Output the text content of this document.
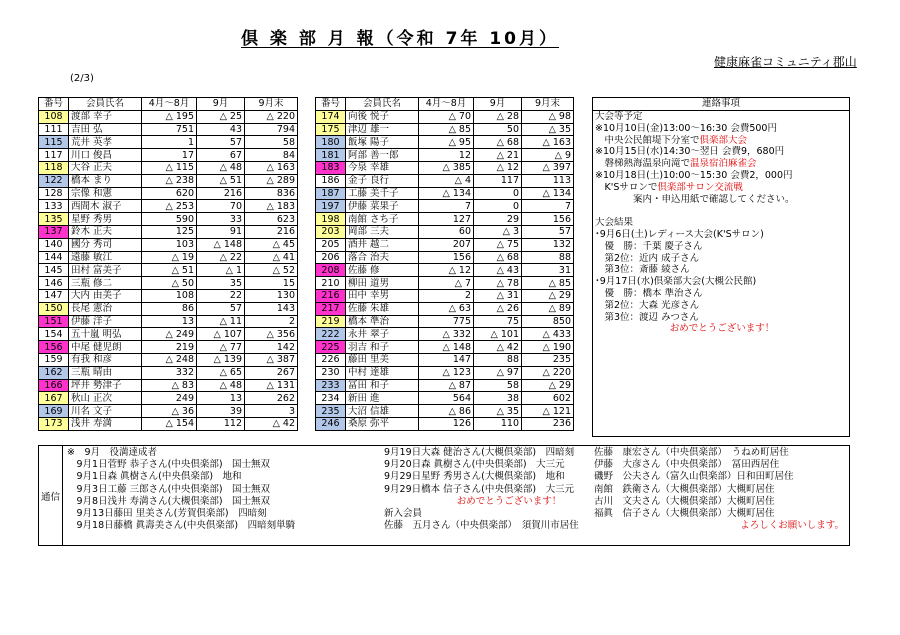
倶 楽 部 月 報（令和 7年 10月）
健康麻雀コミュニティ郡山
(2/3)
番号	会員氏名	4月～8月	9月	9月末
108	渡部 幸子	△ 195	△ 25	△ 220
111	吉田 弘	751	43	794
115	荒井 英孝	1	57	58
117	川口 俊昌	17	67	84
118	大谷 正夫	△ 115	△ 48	△ 163
122	橋本 まり	△ 238	△ 51	△ 289
128	宗像 和憲	620	216	836
133	西間木 淑子	△ 253	70	△ 183
135	星野 秀男	590	33	623
137	鈴木 正夫	125	91	216
140	國分 秀司	103	△ 148	△ 45
144	遠藤 敏江	△ 19	△ 22	△ 41
145	田村 富美子	△ 51	△ 1	△ 52
146	三瓶 修二	△ 50	35	15
147	大内 由美子	108	22	130
150	長尾 憲治	86	57	143
151	伊藤 洋子	13	△ 11	2
154	五十嵐 明弘	△ 249	△ 107	△ 356
156	中尾 健児朗	219	△ 77	142
159	有我 和彦	△ 248	△ 139	△ 387
162	三瓶 晴由	332	△ 65	267
166	坪井 勢津子	△ 83	△ 48	△ 131
167	秋山 正次	249	13	262
169	川名 文子	△ 36	39	3
173	浅井 寿満	△ 154	112	△ 42
番号	会員氏名	4月～8月	9月	9月末
174	向後 悦子	△ 70	△ 28	△ 98
175	津辺 雄一	△ 85	50	△ 35
180	飯塚 陽子	△ 95	△ 68	△ 163
181	阿部 善一郎	12	△ 21	△ 9
183	今泉 幸雄	△ 385	△ 12	△ 397
186	金子 良行	△ 4	117	113
187	工藤 美千子	△ 134	0	△ 134
197	伊藤 菜果子	7	0	7
198	南館 さち子	127	29	156
203	岡部 三夫	60	△ 3	57
205	酒井 越二	207	△ 75	132
206	落合 治夫	156	△ 68	88
208	佐藤 修	△ 12	△ 43	31
210	柳田 道男	△ 7	△ 78	△ 85
216	田中 幸男	2	△ 31	△ 29
217	佐藤 朱雄	△ 63	△ 26	△ 89
219	橋本 準治	775	75	850
222	永井 翠子	△ 332	△ 101	△ 433
225	羽吉 和子	△ 148	△ 42	△ 190
226	藤田 里美	147	88	235
230	中村 達雄	△ 123	△ 97	△ 220
233	冨田 和子	△ 87	58	△ 29
234	新田 進	564	38	602
235	大沼 信雄	△ 86	△ 35	△ 121
246	桑原 弥平	126	110	236
連絡事項
大会等予定
※10月10日(金)13:00～16:30 会費500円
　中央公民館堤下分室で俱楽部大会
※10月15日(水)14:30～翌日 会費9，680円
　磐梯熱海温泉向滝で温泉宿泊麻雀会
※10月18日(土)10:00～15:30 会費2，000円
　K'Sサロンで倶楽部サロン交流戦
　　　　案内・申込用紙で確認してください。
大会結果
･9月6日(土)レディース大会(K'Sサロン)
　優　勝：千葉 慶子さん
　第2位：近内 成子さん
　第3位：斎藤 綾さん
･9月17日(水)倶楽部大会(大槻公民館)
　優　勝：橋本 準治さん
　第2位：大森 光彦さん
　第3位：渡辺 みつさん
おめでとうございます！
通信
※　9月　役満達成者
　9月1日菅野 恭子さん(中央倶楽部)　国士無双
　9月1日森 眞樹さん(中央倶楽部)　地和
　9月3日工藤 三郎さん(中央倶楽部)　国士無双
　9月8日浅井 寿満さん(大槻倶楽部)　国士無双
　9月13日藤田 里美さん(芳賀倶楽部)　四暗刻
　9月18日藤橋 眞壽美さん(中央倶楽部)　四暗刻単騎
9月19日大森 健治さん(大槻倶楽部)　四暗刻
9月20日森 眞樹さん(中央倶楽部)　大三元
9月29日星野 秀男さん(大槻倶楽部)　地和
9月29日橋本 信子さん(中央倶楽部)　大三元
おめでとうございます！
新入会員
佐藤　五月さん（中央倶楽部）　須賀川市居住
佐藤　康宏さん（中央倶楽部）　うねめ町居住
伊藤　大彦さん（中央倶楽部）　冨田西居住
磯野　公夫さん（富久山倶楽部）日和田町居住
南館　鉄衛さん（大槻倶楽部）大槻町居住
古川　文夫さん（大槻倶楽部）大槻町居住
福眞　信子さん（大槻倶楽部）大槻町居住
よろしくお願いします。
